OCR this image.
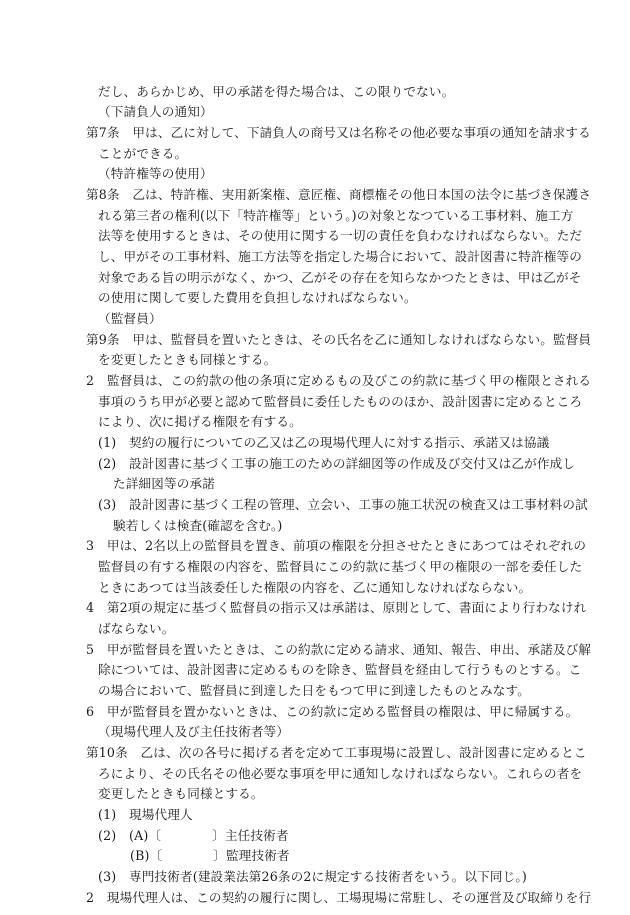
だし、あらかじめ、甲の承諾を得た場合は、この限りでない。
（下請負人の通知）
第7条　甲は、乙に対して、下請負人の商号又は名称その他必要な事項の通知を請求する
ことができる。
（特許権等の使用）
第8条　乙は、特許権、実用新案権、意匠権、商標権その他日本国の法令に基づき保護さ
れる第三者の権利(以下「特許権等」という。)の対象となつている工事材料、施工方
法等を使用するときは、その使用に関する一切の責任を負わなければならない。ただ
し、甲がその工事材料、施工方法等を指定した場合において、設計図書に特許権等の
対象である旨の明示がなく、かつ、乙がその存在を知らなかつたときは、甲は乙がそ
の使用に関して要した費用を負担しなければならない。
（監督員）
第9条　甲は、監督員を置いたときは、その氏名を乙に通知しなければならない。監督員
を変更したときも同様とする。
2　監督員は、この約款の他の条項に定めるもの及びこの約款に基づく甲の権限とされる
事項のうち甲が必要と認めて監督員に委任したもののほか、設計図書に定めるところ
により、次に掲げる権限を有する。
(1)　契約の履行についての乙又は乙の現場代理人に対する指示、承諾又は協議
(2)　設計図書に基づく工事の施工のための詳細図等の作成及び交付又は乙が作成し
た詳細図等の承諾
(3)　設計図書に基づく工程の管理、立会い、工事の施工状況の検査又は工事材料の試
験若しくは検査(確認を含む。)
3　甲は、2名以上の監督員を置き、前項の権限を分担させたときにあつてはそれぞれの
監督員の有する権限の内容を、監督員にこの約款に基づく甲の権限の一部を委任した
ときにあつては当該委任した権限の内容を、乙に通知しなければならない。
4　第2項の規定に基づく監督員の指示又は承諾は、原則として、書面により行わなけれ
ばならない。
5　甲が監督員を置いたときは、この約款に定める請求、通知、報告、申出、承諾及び解
除については、設計図書に定めるものを除き、監督員を経由して行うものとする。こ
の場合において、監督員に到達した日をもつて甲に到達したものとみなす。
6　甲が監督員を置かないときは、この約款に定める監督員の権限は、甲に帰属する。
（現場代理人及び主任技術者等）
第10条　乙は、次の各号に掲げる者を定めて工事現場に設置し、設計図書に定めるとこ
ろにより、その氏名その他必要な事項を甲に通知しなければならない。これらの者を
変更したときも同様とする。
(1)　現場代理人
(2)　(A)〔　　　　〕主任技術者
(B)〔　　　　〕監理技術者
(3)　専門技術者(建設業法第26条の2に規定する技術者をいう。以下同じ。)
2　現場代理人は、この契約の履行に関し、工場現場に常駐し、その運営及び取締りを行
